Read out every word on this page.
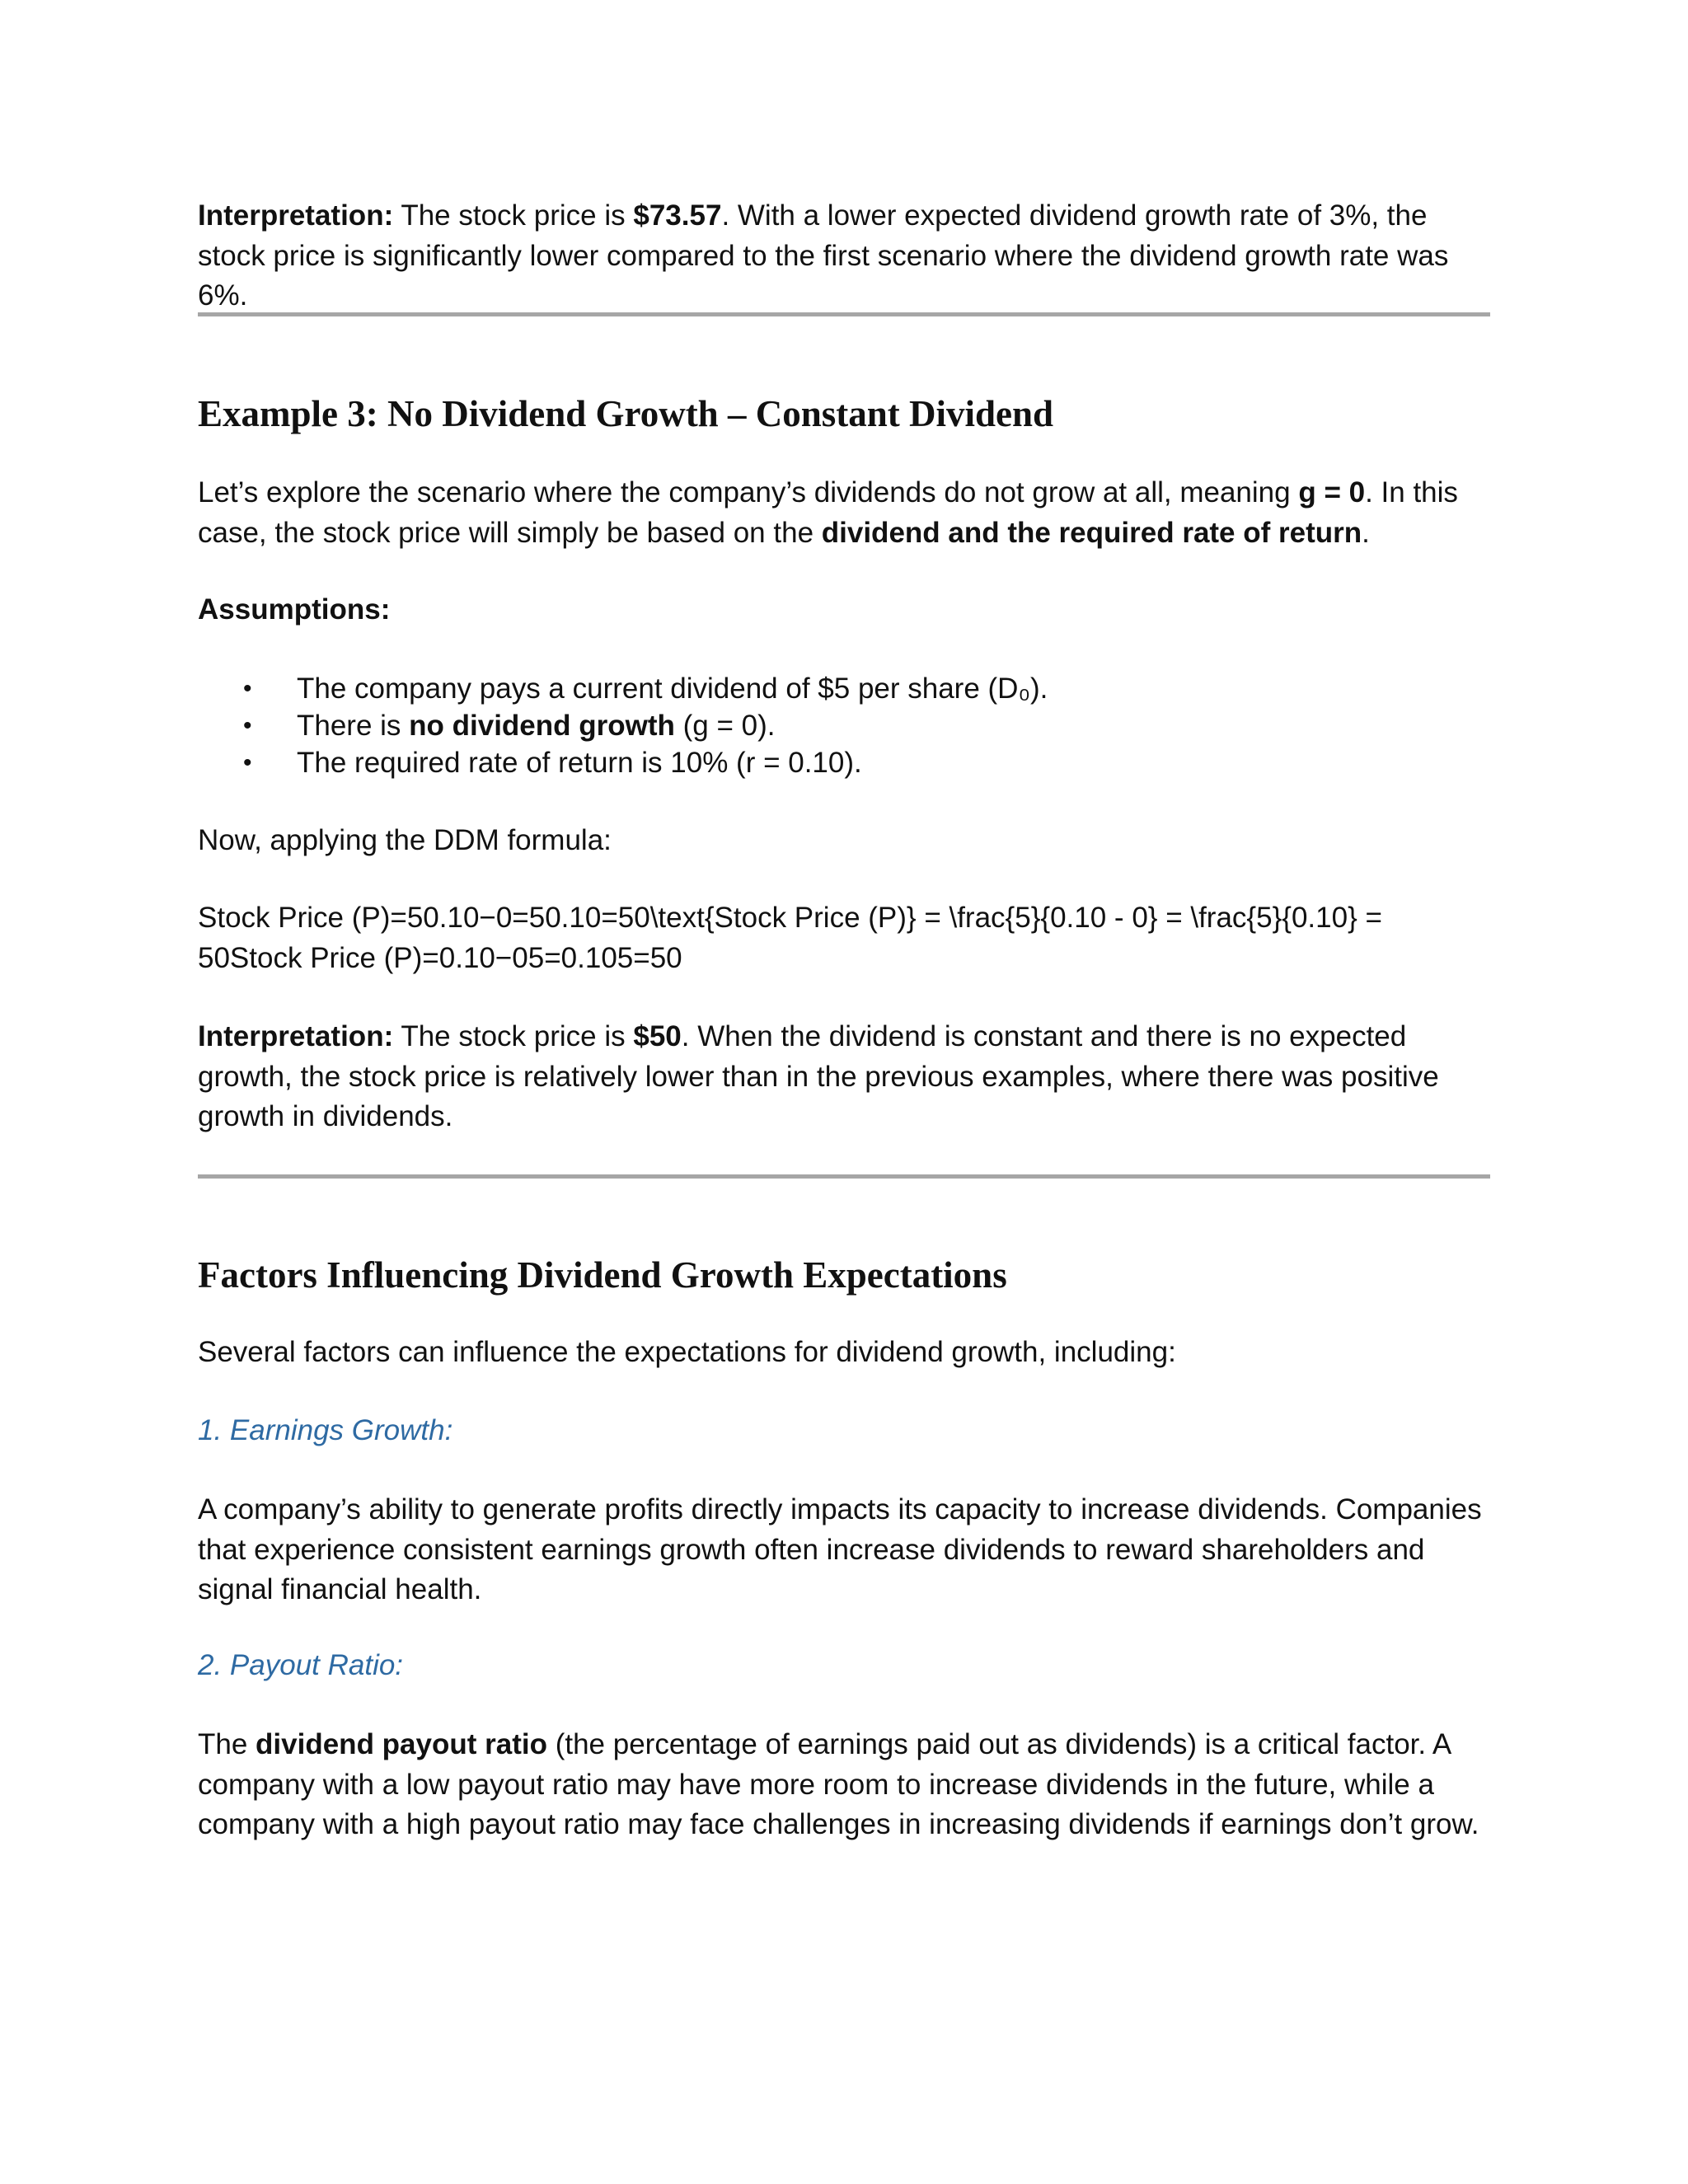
Interpretation: The stock price is $73.57. With a lower expected dividend growth rate of 3%, the stock price is significantly lower compared to the first scenario where the dividend growth rate was 6%.

Example 3: No Dividend Growth – Constant Dividend

Let’s explore the scenario where the company’s dividends do not grow at all, meaning g = 0. In this case, the stock price will simply be based on the dividend and the required rate of return.

Assumptions:

• The company pays a current dividend of $5 per share (D₀).
• There is no dividend growth (g = 0).
• The required rate of return is 10% (r = 0.10).

Now, applying the DDM formula:

Stock Price (P)=50.10−0=50.10=50\text{Stock Price (P)} = \frac{5}{0.10 - 0} = \frac{5}{0.10} =
50Stock Price (P)=0.10−05=0.105=50

Interpretation: The stock price is $50. When the dividend is constant and there is no expected growth, the stock price is relatively lower than in the previous examples, where there was positive growth in dividends.

Factors Influencing Dividend Growth Expectations

Several factors can influence the expectations for dividend growth, including:

1. Earnings Growth:

A company’s ability to generate profits directly impacts its capacity to increase dividends. Companies that experience consistent earnings growth often increase dividends to reward shareholders and signal financial health.

2. Payout Ratio:

The dividend payout ratio (the percentage of earnings paid out as dividends) is a critical factor. A company with a low payout ratio may have more room to increase dividends in the future, while a company with a high payout ratio may face challenges in increasing dividends if earnings don’t grow.
